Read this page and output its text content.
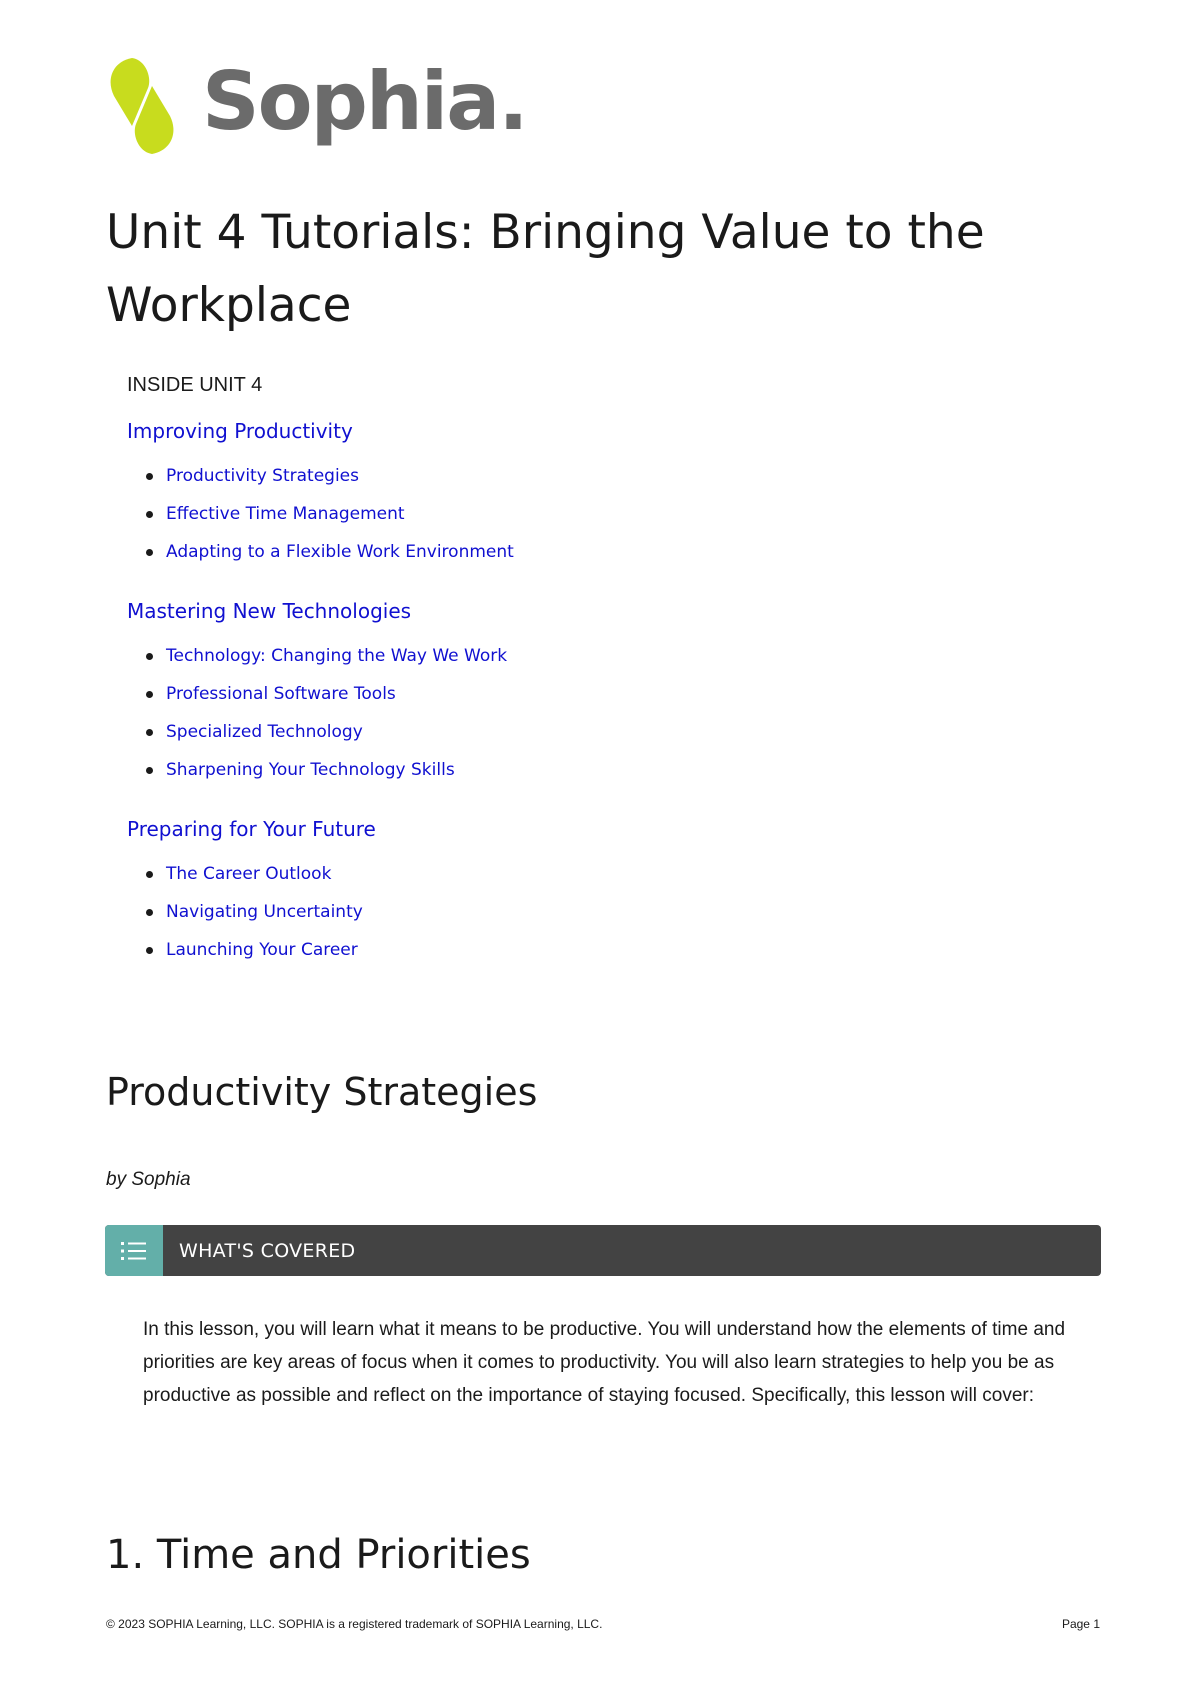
Sophia.
Unit 4 Tutorials: Bringing Value to the Workplace
INSIDE UNIT 4
Improving Productivity
Productivity Strategies
Effective Time Management
Adapting to a Flexible Work Environment
Mastering New Technologies
Technology: Changing the Way We Work
Professional Software Tools
Specialized Technology
Sharpening Your Technology Skills
Preparing for Your Future
The Career Outlook
Navigating Uncertainty
Launching Your Career
Productivity Strategies
by Sophia
WHAT'S COVERED

In this lesson, you will learn what it means to be productive. You will understand how the elements of time and priorities are key areas of focus when it comes to productivity. You will also learn strategies to help you be as productive as possible and reflect on the importance of staying focused. Specifically, this lesson will cover:

1. Time and Priorities
© 2023 SOPHIA Learning, LLC. SOPHIA is a registered trademark of SOPHIA Learning, LLC.	Page 1
